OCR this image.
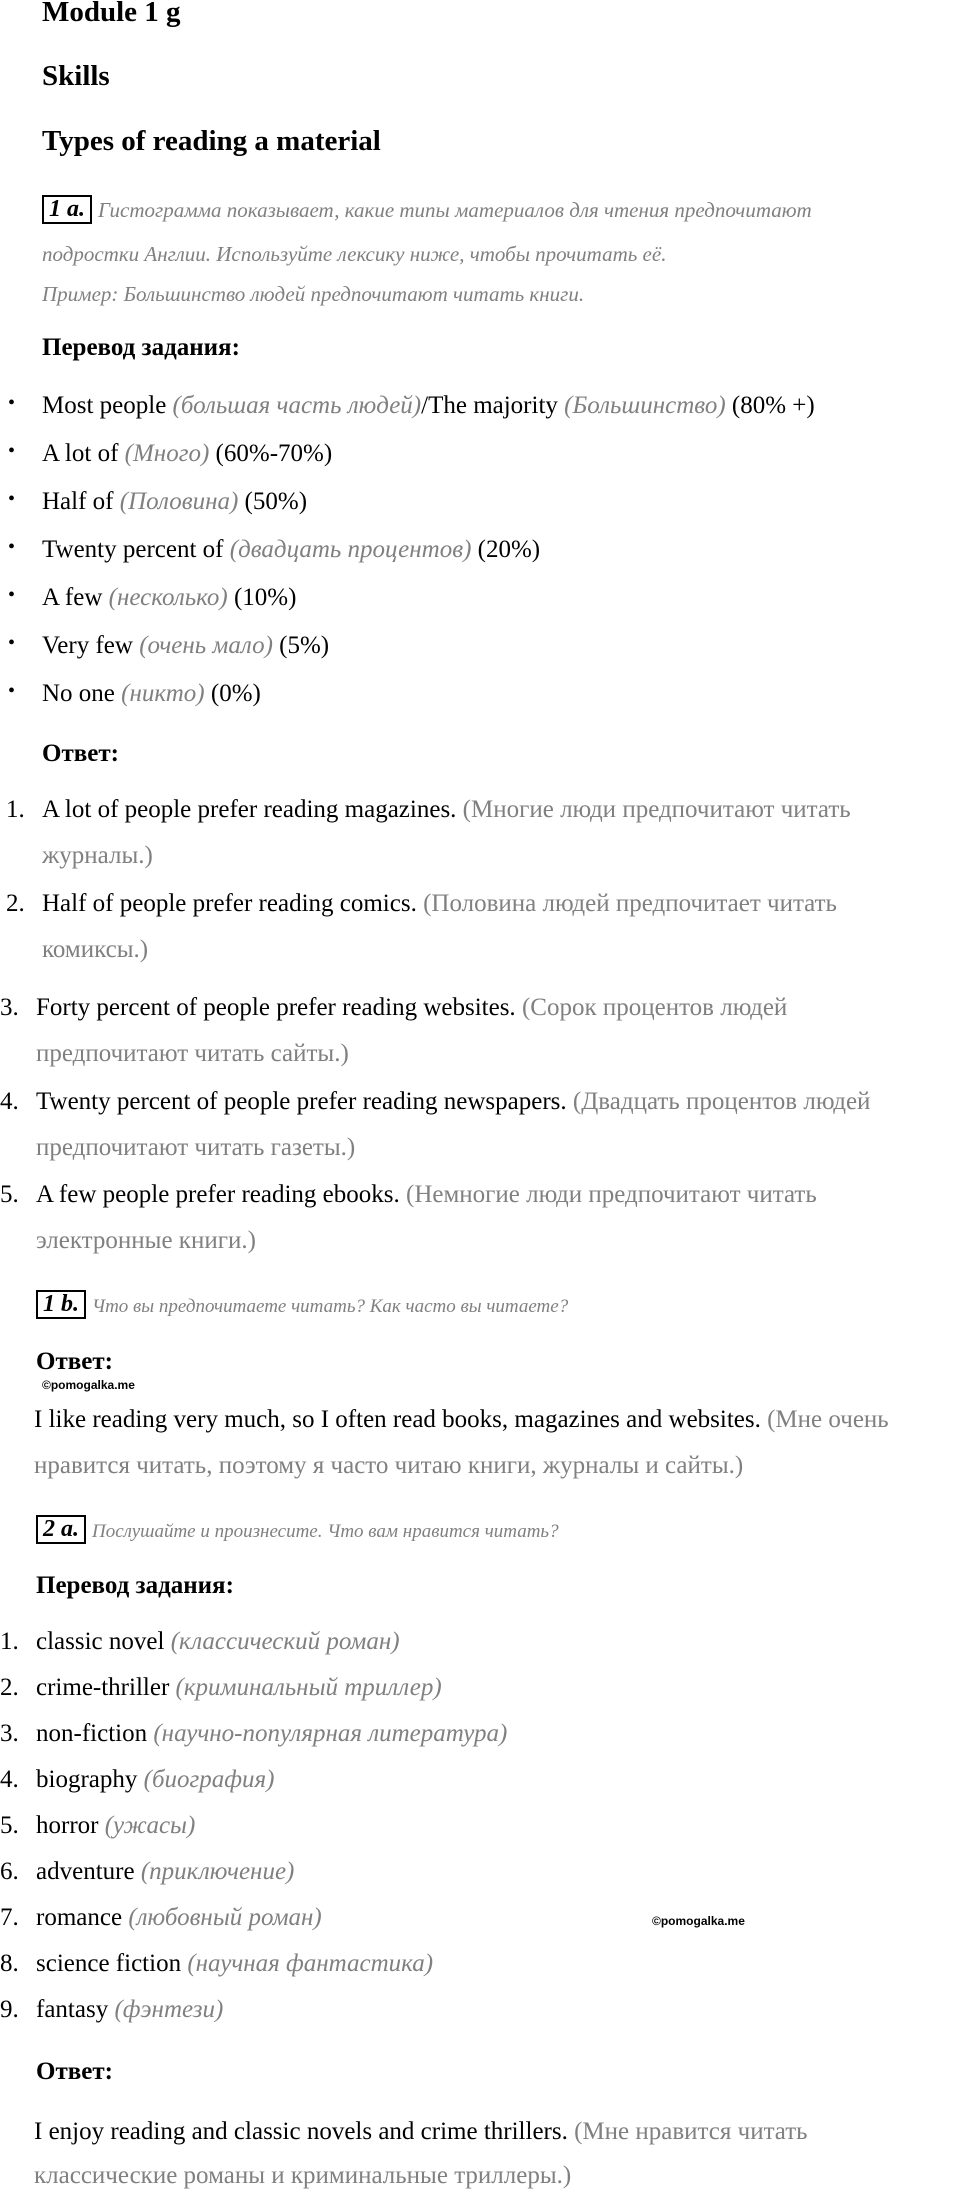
Module 1 g
Skills
Types of reading a material
1 a. Гистограмма показывает, какие типы материалов для чтения предпочитают
подростки Англии. Используйте лексику ниже, чтобы прочитать её.
Пример: Большинство людей предпочитают читать книги.
Перевод задания:
• Most people (большая часть людей)/The majority (Большинство) (80% +)
• A lot of (Много) (60%-70%)
• Half of (Половина) (50%)
• Twenty percent of (двадцать процентов) (20%)
• A few (несколько) (10%)
• Very few (очень мало) (5%)
• No one (никто) (0%)
Ответ:
1. A lot of people prefer reading magazines. (Многие люди предпочитают читать
журналы.)
2. Half of people prefer reading comics. (Половина людей предпочитает читать
комиксы.)
3. Forty percent of people prefer reading websites. (Сорок процентов людей
предпочитают читать сайты.)
4. Twenty percent of people prefer reading newspapers. (Двадцать процентов людей
предпочитают читать газеты.)
5. A few people prefer reading ebooks. (Немногие люди предпочитают читать
электронные книги.)
1 b. Что вы предпочитаете читать? Как часто вы читаете?
Ответ:
©pomogalka.me
I like reading very much, so I often read books, magazines and websites. (Мне очень
нравится читать, поэтому я часто читаю книги, журналы и сайты.)
2 a. Послушайте и произнесите. Что вам нравится читать?
Перевод задания:
1. classic novel (классический роман)
2. crime-thriller (криминальный триллер)
3. non-fiction (научно-популярная литература)
4. biography (биография)
5. horror (ужасы)
6. adventure (приключение)
7. romance (любовный роман)
8. science fiction (научная фантастика)
9. fantasy (фэнтези)
©pomogalka.me
Ответ:
I enjoy reading and classic novels and crime thrillers. (Мне нравится читать
классические романы и криминальные триллеры.)
